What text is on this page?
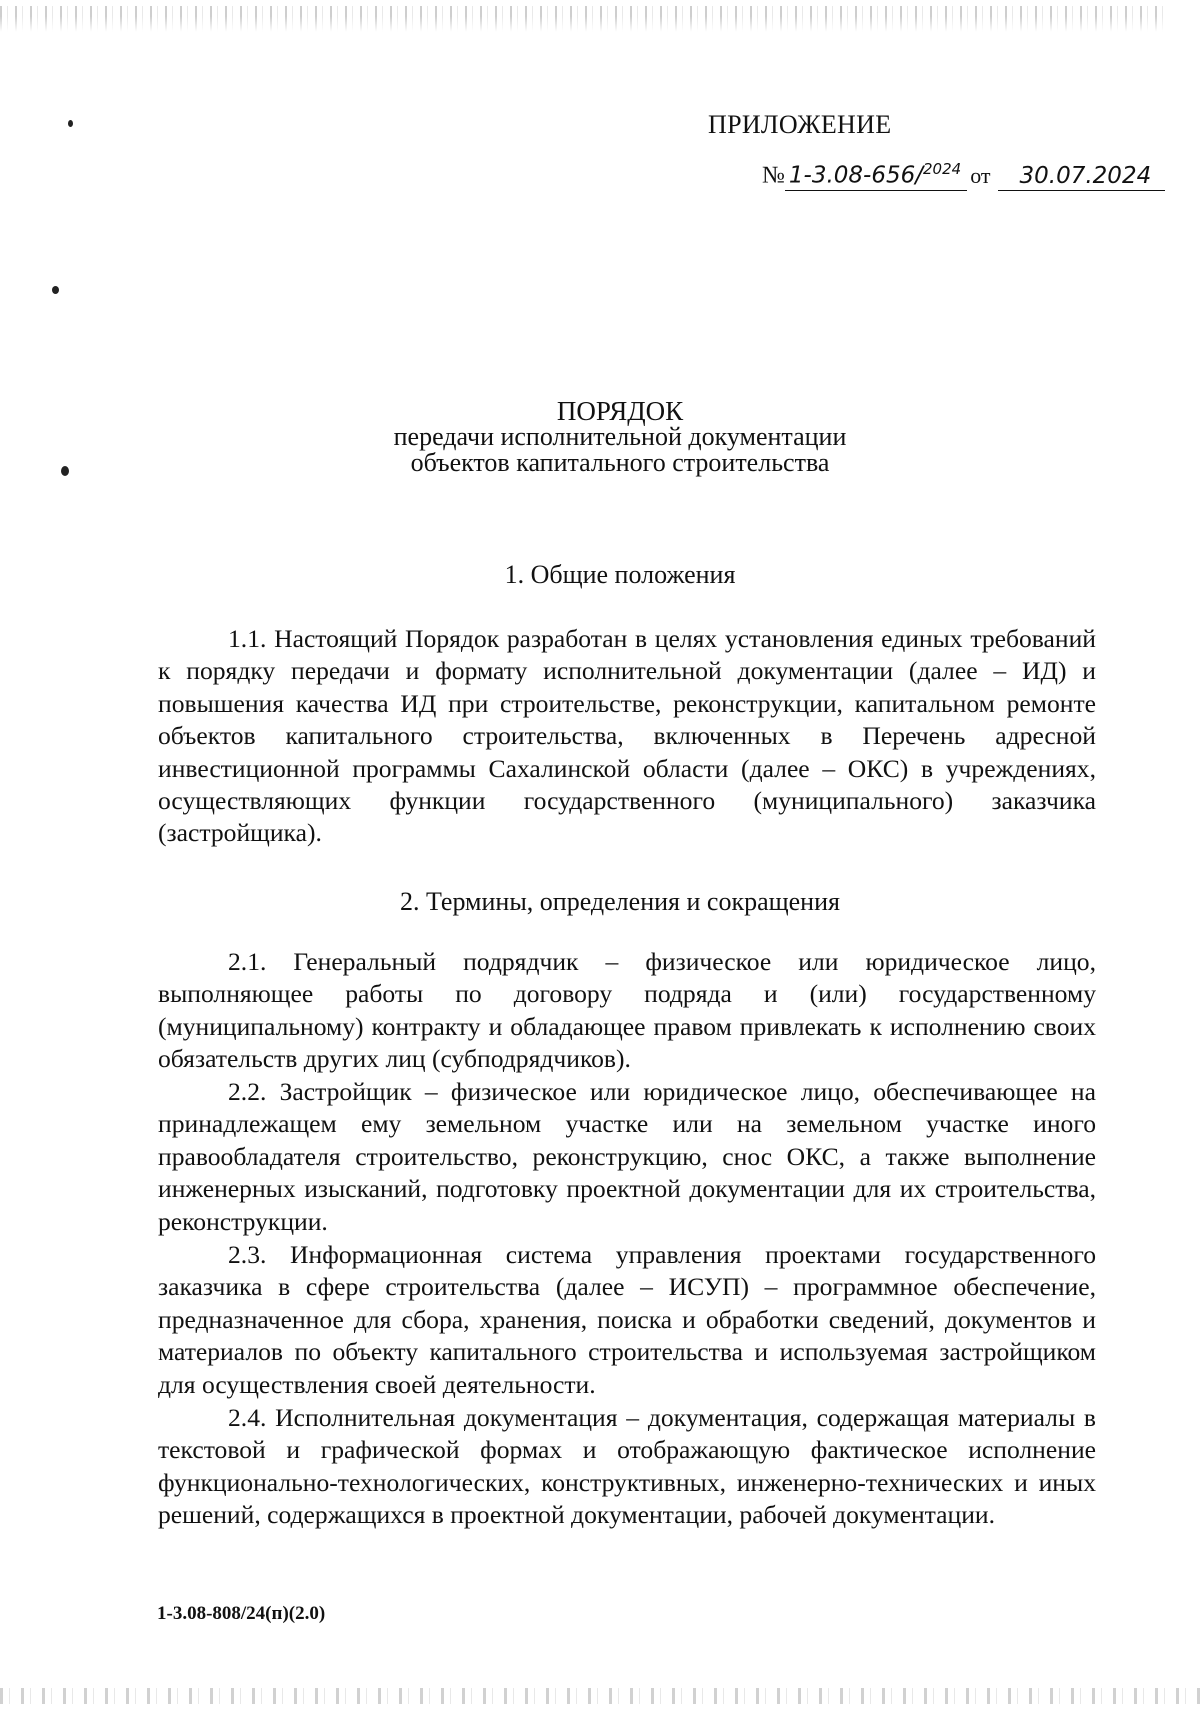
ПРИЛОЖЕНИЕ
№ 1-3.08-656/$^{2024}$ от 30.07.2024
ПОРЯДОК
передачи исполнительной документации
объектов капитального строительства
1. Общие положения

1.1. Настоящий Порядок разработан в целях установления единых требований к порядку передачи и формату исполнительной документации (далее – ИД) и повышения качества ИД при строительстве, реконструкции, капитальном ремонте объектов капитального строительства, включенных в Перечень адресной инвестиционной программы Сахалинской области (далее – ОКС) в учреждениях, осуществляющих функции государственного (муниципального) заказчика (застройщика).

2. Термины, определения и сокращения

2.1. Генеральный подрядчик – физическое или юридическое лицо, выполняющее работы по договору подряда и (или) государственному (муниципальному) контракту и обладающее правом привлекать к исполнению своих обязательств других лиц (субподрядчиков).

2.2. Застройщик – физическое или юридическое лицо, обеспечивающее на принадлежащем ему земельном участке или на земельном участке иного правообладателя строительство, реконструкцию, снос ОКС, а также выполнение инженерных изысканий, подготовку проектной документации для их строительства, реконструкции.

2.3. Информационная система управления проектами государственного заказчика в сфере строительства (далее – ИСУП) – программное обеспечение, предназначенное для сбора, хранения, поиска и обработки сведений, документов и материалов по объекту капитального строительства и используемая застройщиком для осуществления своей деятельности.

2.4. Исполнительная документация – документация, содержащая материалы в текстовой и графической формах и отображающую фактическое исполнение функционально-технологических, конструктивных, инженерно-технических и иных решений, содержащихся в проектной документации, рабочей документации.

1-3.08-808/24(п)(2.0)
